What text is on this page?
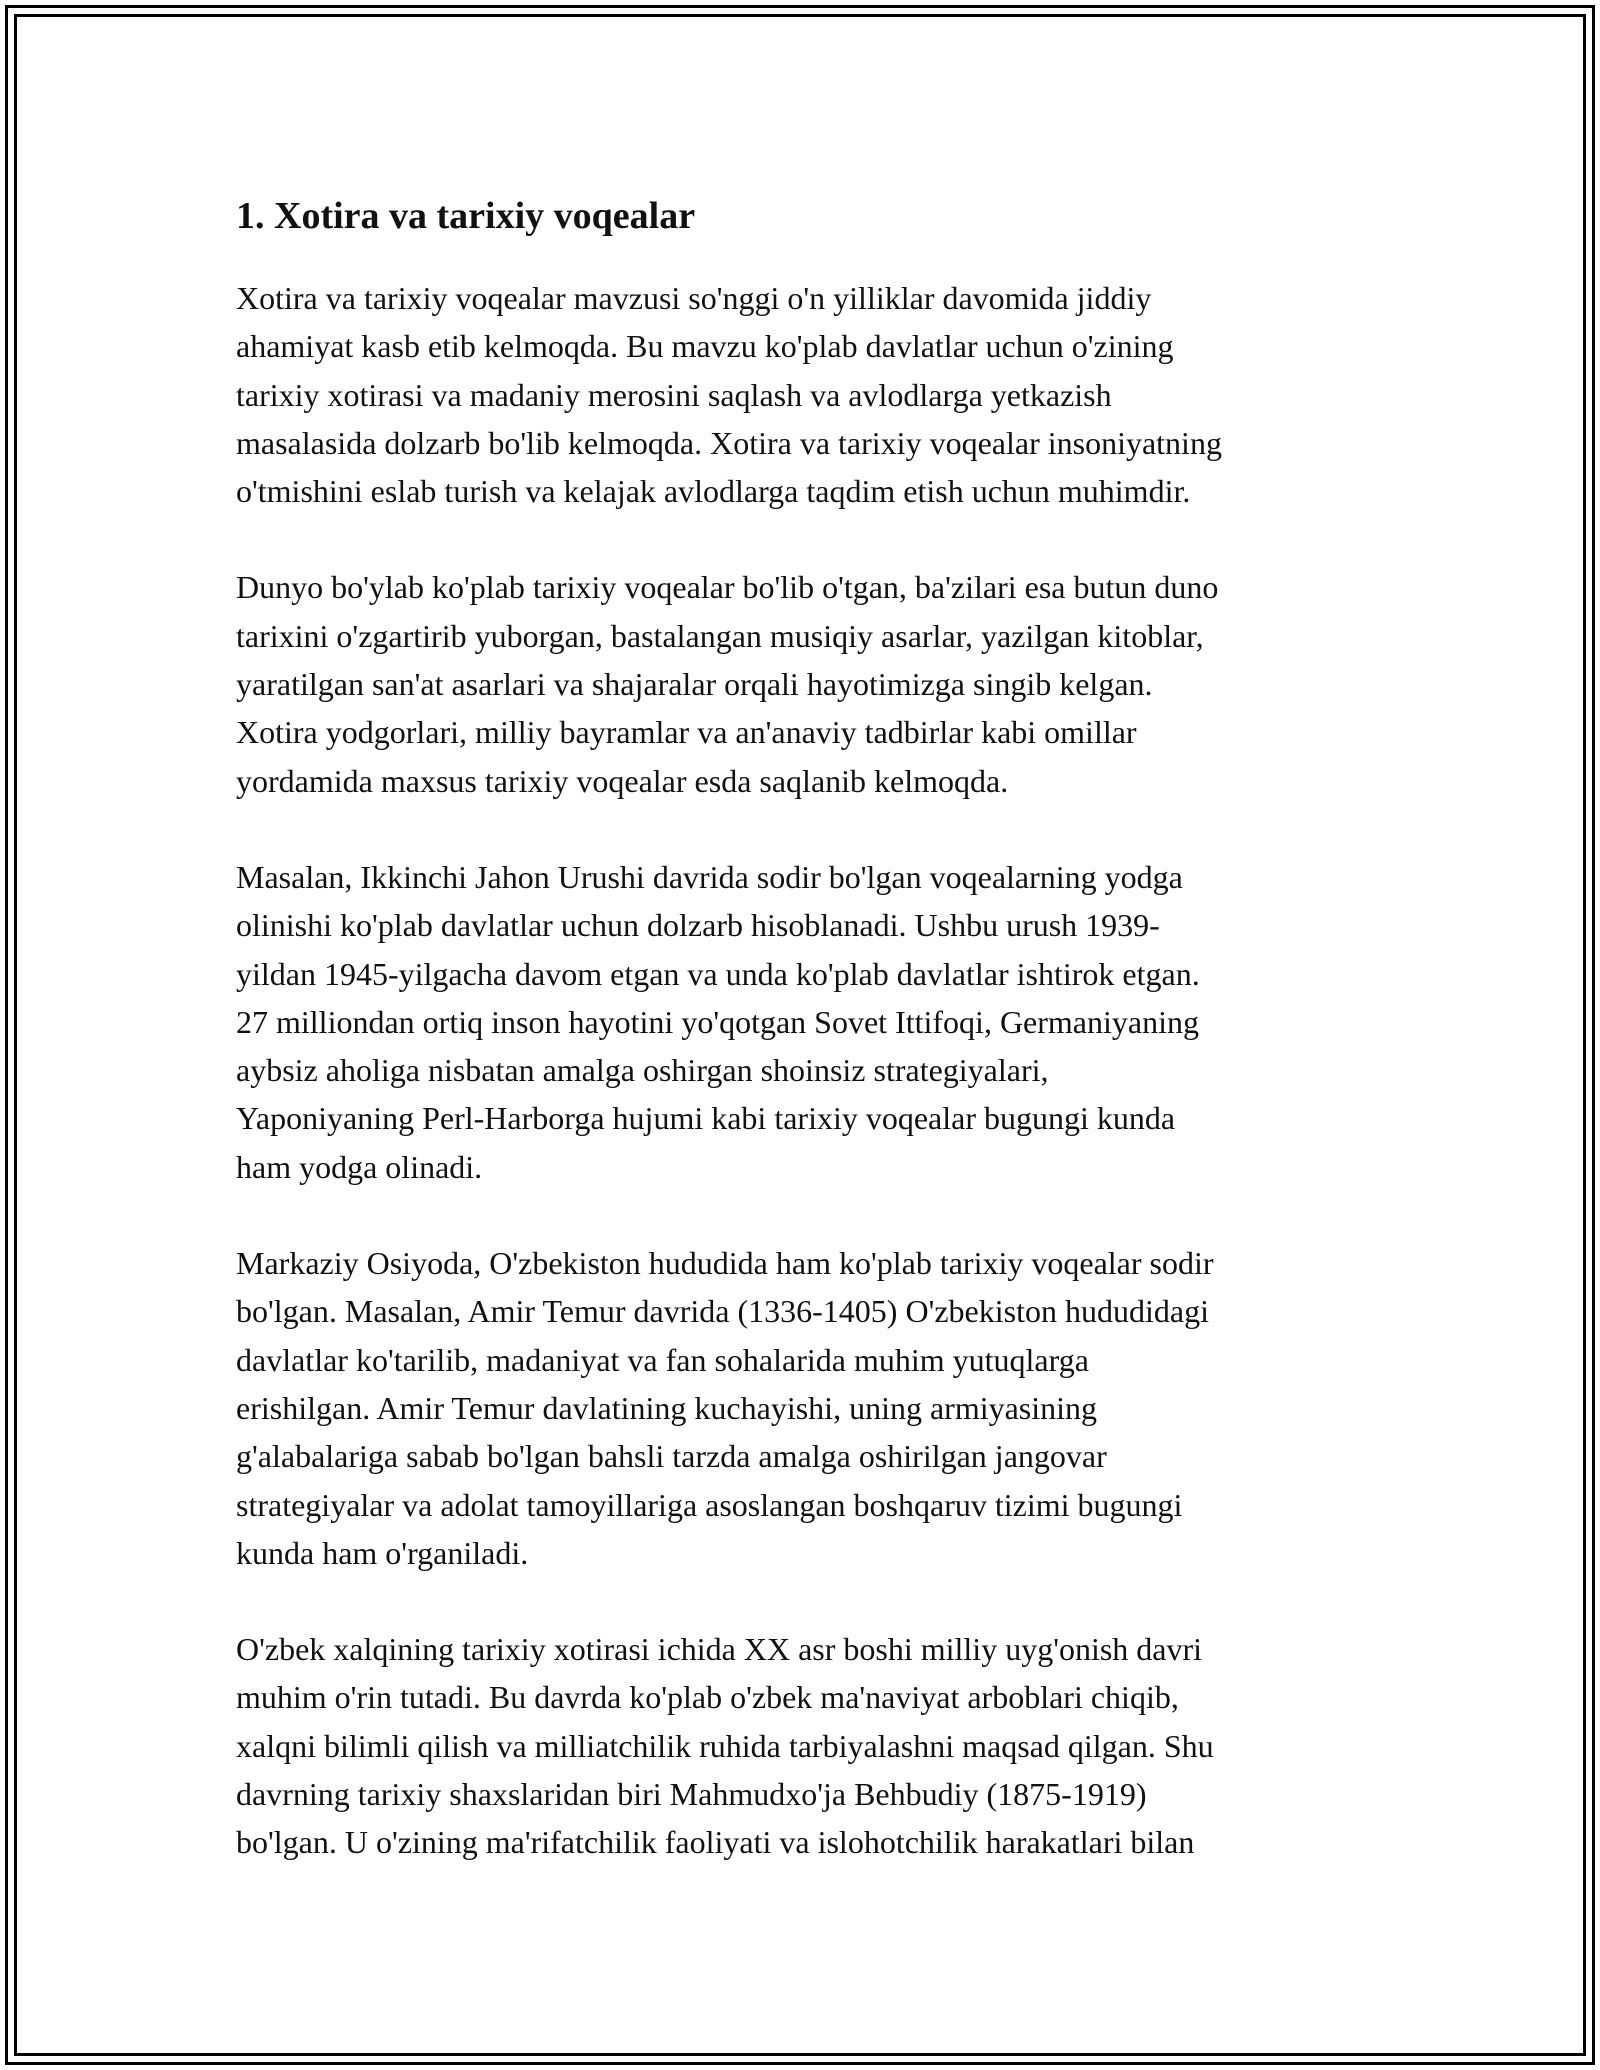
1. Xotira va tarixiy voqealar

Xotira va tarixiy voqealar mavzusi so'nggi o'n yilliklar davomida jiddiy
ahamiyat kasb etib kelmoqda. Bu mavzu ko'plab davlatlar uchun o'zining
tarixiy xotirasi va madaniy merosini saqlash va avlodlarga yetkazish
masalasida dolzarb bo'lib kelmoqda. Xotira va tarixiy voqealar insoniyatning
o'tmishini eslab turish va kelajak avlodlarga taqdim etish uchun muhimdir.

Dunyo bo'ylab ko'plab tarixiy voqealar bo'lib o'tgan, ba'zilari esa butun duno
tarixini o'zgartirib yuborgan, bastalangan musiqiy asarlar, yazilgan kitoblar,
yaratilgan san'at asarlari va shajaralar orqali hayotimizga singib kelgan.
Xotira yodgorlari, milliy bayramlar va an'anaviy tadbirlar kabi omillar
yordamida maxsus tarixiy voqealar esda saqlanib kelmoqda.

Masalan, Ikkinchi Jahon Urushi davrida sodir bo'lgan voqealarning yodga
olinishi ko'plab davlatlar uchun dolzarb hisoblanadi. Ushbu urush 1939-
yildan 1945-yilgacha davom etgan va unda ko'plab davlatlar ishtirok etgan.
27 milliondan ortiq inson hayotini yo'qotgan Sovet Ittifoqi, Germaniyaning
aybsiz aholiga nisbatan amalga oshirgan shoinsiz strategiyalari,
Yaponiyaning Perl-Harborga hujumi kabi tarixiy voqealar bugungi kunda
ham yodga olinadi.

Markaziy Osiyoda, O'zbekiston hududida ham ko'plab tarixiy voqealar sodir
bo'lgan. Masalan, Amir Temur davrida (1336-1405) O'zbekiston hududidagi
davlatlar ko'tarilib, madaniyat va fan sohalarida muhim yutuqlarga
erishilgan. Amir Temur davlatining kuchayishi, uning armiyasining
g'alabalariga sabab bo'lgan bahsli tarzda amalga oshirilgan jangovar
strategiyalar va adolat tamoyillariga asoslangan boshqaruv tizimi bugungi
kunda ham o'rganiladi.

O'zbek xalqining tarixiy xotirasi ichida XX asr boshi milliy uyg'onish davri
muhim o'rin tutadi. Bu davrda ko'plab o'zbek ma'naviyat arboblari chiqib,
xalqni bilimli qilish va milliatchilik ruhida tarbiyalashni maqsad qilgan. Shu
davrning tarixiy shaxslaridan biri Mahmudxo'ja Behbudiy (1875-1919)
bo'lgan. U o'zining ma'rifatchilik faoliyati va islohotchilik harakatlari bilan
